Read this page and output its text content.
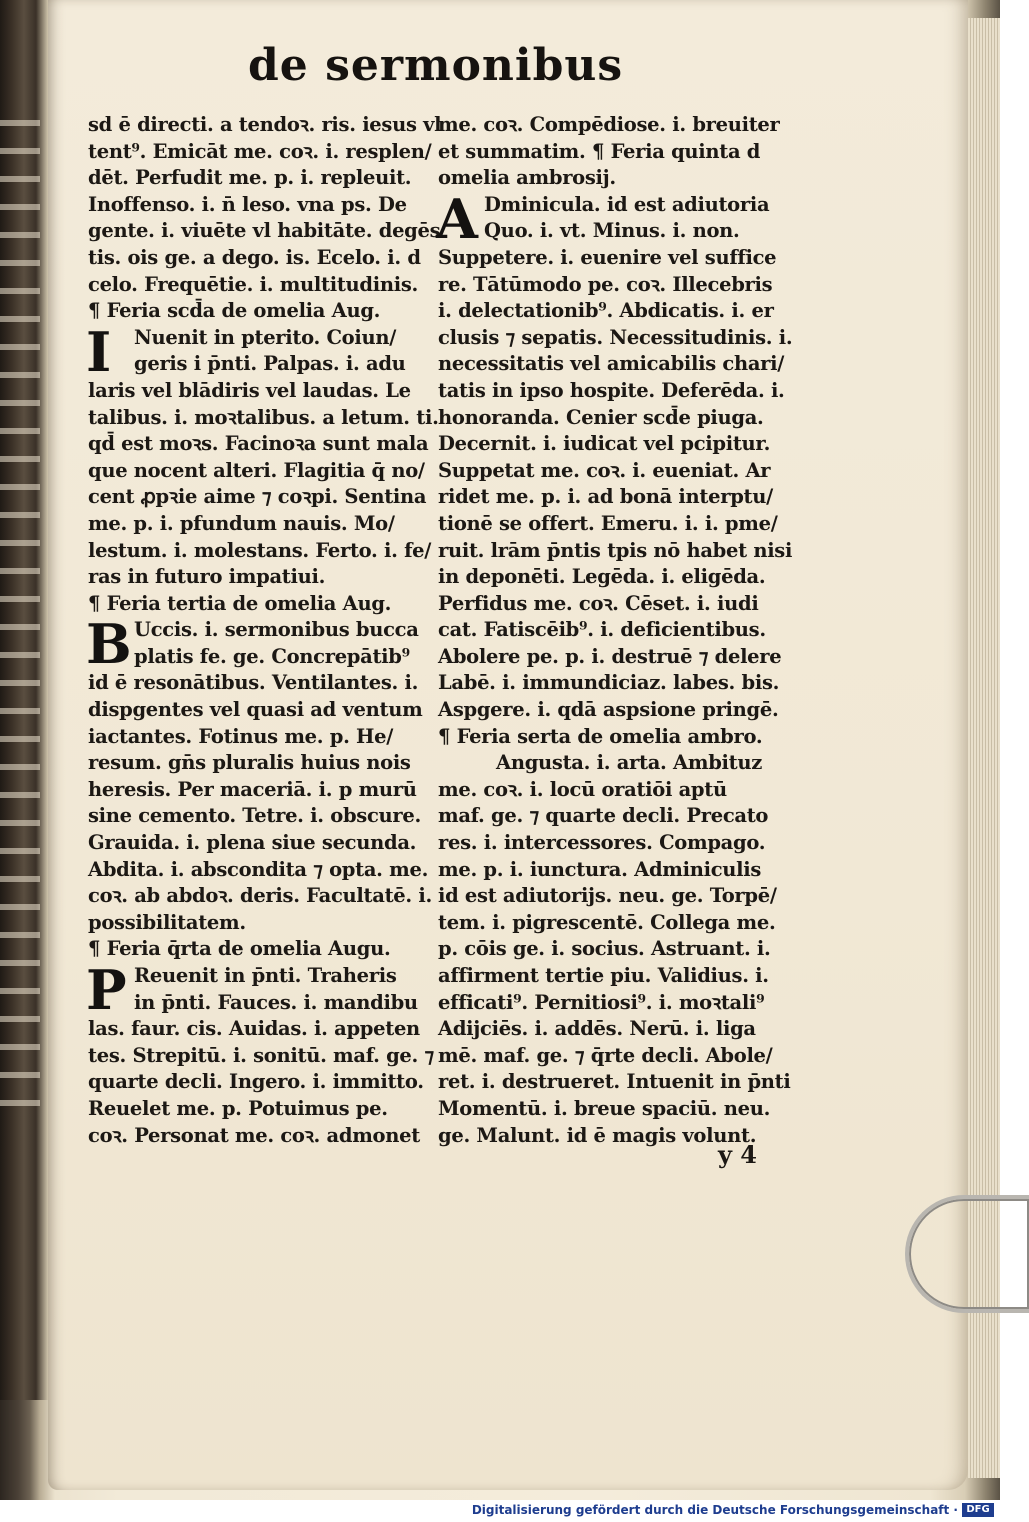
de sermonibus
sd ē directi. a tendoꝛ. ris. iesus vl
tent⁹. Emicāt me. coꝛ. i. resplen/
dēt. Perfudit me. p. i. repleuit.
Inoffenso. i. n̄ leso. vna ps. De
gente. i. viuēte vl habitāte. degēs
tis. ois ge. a dego. is. Ecelo. i. d
celo. Frequētie. i. multitudinis.
¶ Feria scd̄a de omelia Aug.
I Nuenit in pterito. Coiun/
geris i p̄nti. Palpas. i. adu
laris vel blādiris vel laudas. Le
talibus. i. moꝛtalibus. a letum. ti.
qd̄ est moꝛs. Facinoꝛa sunt mala
que nocent alteri. Flagitia q̄ no/
cent ꝓpꝛie aime ⁊ coꝛpi. Sentina
me. p. i. pfundum nauis. Mo/
lestum. i. molestans. Ferto. i. fe/
ras in futuro impatiui.
¶ Feria tertia de omelia Aug.
B Uccis. i. sermonibus bucca
platis fe. ge. Concrepātib⁹
id ē resonātibus. Ventilantes. i.
dispgentes vel quasi ad ventum
iactantes. Fotinus me. p. He/
resum. gn̄s pluralis huius nois
heresis. Per maceriā. i. p murū
sine cemento. Tetre. i. obscure.
Grauida. i. plena siue secunda.
Abdita. i. abscondita ⁊ opta. me.
coꝛ. ab abdoꝛ. deris. Facultatē. i.
possibilitatem.
¶ Feria q̄rta de omelia Augu.
P Reuenit in p̄nti. Traheris
in p̄nti. Fauces. i. mandibu
las. faur. cis. Auidas. i. appeten
tes. Strepitū. i. sonitū. maf. ge. ⁊
quarte decli. Ingero. i. immitto.
Reuelet me. p. Potuimus pe.
coꝛ. Personat me. coꝛ. admonet
me. coꝛ. Compēdiose. i. breuiter
et summatim. ¶ Feria quinta d
omelia ambrosij.
A Dminicula. id est adiutoria
Quo. i. vt. Minus. i. non.
Suppetere. i. euenire vel suffice
re. Tātūmodo pe. coꝛ. Illecebris
i. delectationib⁹. Abdicatis. i. er
clusis ⁊ sepatis. Necessitudinis. i.
necessitatis vel amicabilis chari/
tatis in ipso hospite. Deferēda. i.
honoranda. Cenier scd̄e piuga.
Decernit. i. iudicat vel pcipitur.
Suppetat me. coꝛ. i. eueniat. Ar
ridet me. p. i. ad bonā interptu/
tionē se offert. Emeru. i. i. pme/
ruit. lrām p̄ntis tpis nō habet nisi
in deponēti. Legēda. i. eligēda.
Perfidus me. coꝛ. Cēset. i. iudi
cat. Fatiscēib⁹. i. deficientibus.
Abolere pe. p. i. destruē ⁊ delere
Labē. i. immundiciaz. labes. bis.
Aspgere. i. qdā aspsione pringē.
¶ Feria serta de omelia ambro.
Angusta. i. arta. Ambituz
me. coꝛ. i. locū oratiōi aptū
maf. ge. ⁊ quarte decli. Precato
res. i. intercessores. Compago.
me. p. i. iunctura. Adminiculis
id est adiutorijs. neu. ge. Torpē/
tem. i. pigrescentē. Collega me.
p. cōis ge. i. socius. Astruant. i.
affirment tertie piu. Validius. i.
efficati⁹. Pernitiosi⁹. i. moꝛtali⁹
Adijciēs. i. addēs. Nerū. i. liga
mē. maf. ge. ⁊ q̄rte decli. Abole/
ret. i. destrueret. Intuenit in p̄nti
Momentū. i. breue spaciū. neu.
ge. Malunt. id ē magis volunt.
y 4
Digitalisierung gefördert durch die Deutsche Forschungsgemeinschaft · DFG
